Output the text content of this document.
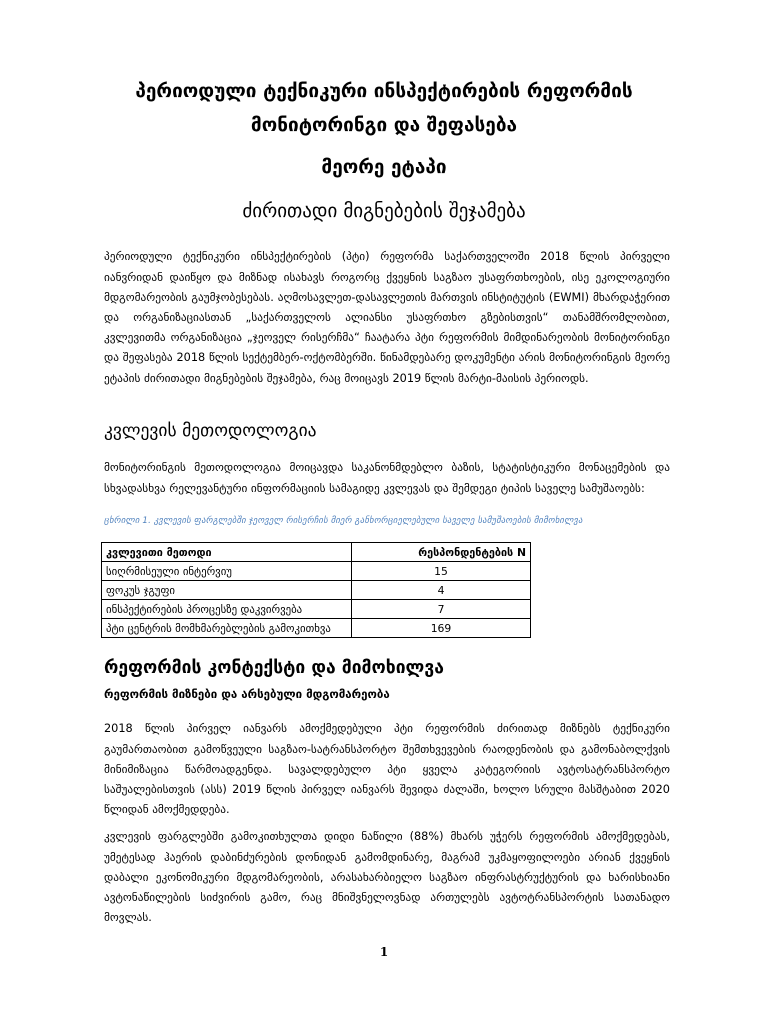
პერიოდული ტექნიკური ინსპექტირების რეფორმის
მონიტორინგი და შეფასება
მეორე ეტაპი
ძირითადი მიგნებების შეჯამება

პერიოდული ტექნიკური ინსპექტირების (პტი) რეფორმა საქართველოში 2018 წლის პირველი იანვრიდან დაიწყო და მიზნად ისახავს როგორც ქვეყნის საგზაო უსაფრთხოების, ისე ეკოლოგიური მდგომარეობის გაუმჯობესებას. აღმოსავლეთ-დასავლეთის მართვის ინსტიტუტის (EWMI) მხარდაჭერით და ორგანიზაციასთან „საქართველოს ალიანსი უსაფრთხო გზებისთვის“ თანამშრომლობით, კვლევითმა ორგანიზაცია „ჯეოველ რისერჩმა“ ჩაატარა პტი რეფორმის მიმდინარეობის მონიტორინგი და შეფასება 2018 წლის სექტემბერ-ოქტომბერში. წინამდებარე დოკუმენტი არის მონიტორინგის მეორე ეტაპის ძირითადი მიგნებების შეჯამება, რაც მოიცავს 2019 წლის მარტი-მაისის პერიოდს.

კვლევის მეთოდოლოგია

მონიტორინგის მეთოდოლოგია მოიცავდა საკანონმდებლო ბაზის, სტატისტიკური მონაცემების და სხვადასხვა რელევანტური ინფორმაციის სამაგიდე კვლევას და შემდეგი ტიპის საველე სამუშაოებს:

ცხრილი 1. კვლევის ფარგლებში ჯეოველ რისერჩის მიერ განხორციელებული საველე სამუშაოების მიმოხილვა
კვლევითი მეთოდი	რესპონდენტების N
სიღრმისეული ინტერვიუ	15
ფოკუს ჯგუფი	4
ინსპექტირების პროცესზე დაკვირვება	7
პტი ცენტრის მომხმარებლების გამოკითხვა	169
რეფორმის კონტექსტი და მიმოხილვა
რეფორმის მიზნები და არსებული მდგომარეობა

2018 წლის პირველ იანვარს ამოქმედებული პტი რეფორმის ძირითად მიზნებს ტექნიკური გაუმართაობით გამოწვეული საგზაო-სატრანსპორტო შემთხვევების რაოდენობის და გამონაბოლქვის მინიმიზაცია წარმოადგენდა. სავალდებულო პტი ყველა კატეგორიის ავტოსატრანსპორტო საშუალებისთვის (ასს) 2019 წლის პირველ იანვარს შევიდა ძალაში, ხოლო სრული მასშტაბით 2020 წლიდან ამოქმედდება.

კვლევის ფარგლებში გამოკითხულთა დიდი ნაწილი (88%) მხარს უჭერს რეფორმის ამოქმედებას, უმეტესად ჰაერის დაბინძურების დონიდან გამომდინარე, მაგრამ უკმაყოფილოები არიან ქვეყნის დაბალი ეკონომიკური მდგომარეობის, არასახარბიელო საგზაო ინფრასტრუქტურის და ხარისხიანი ავტონაწილების სიძვირის გამო, რაც მნიშვნელოვნად ართულებს ავტოტრანსპორტის სათანადო მოვლას.

1
